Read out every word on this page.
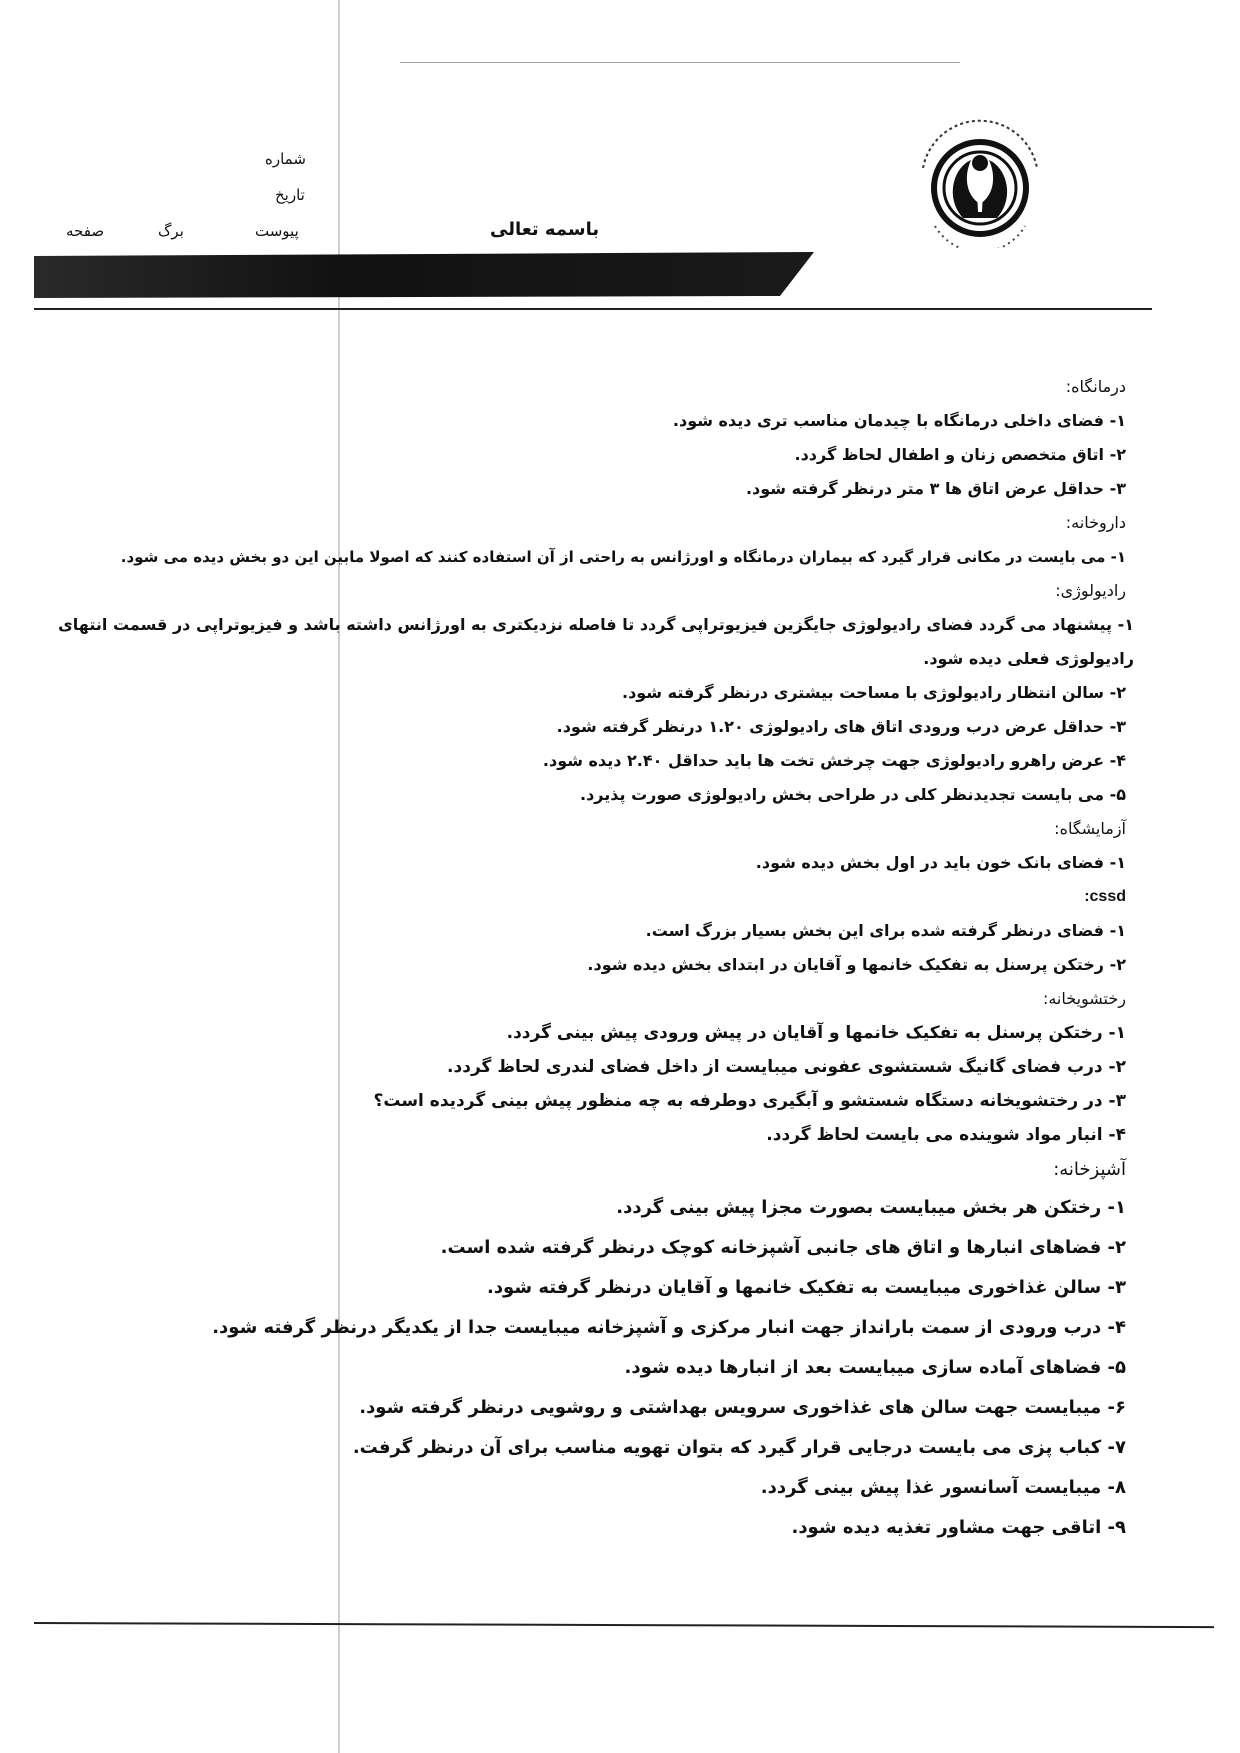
شماره
تاریخ
پیوست
برگ
صفحه	باسمه تعالی
درمانگاه:
۱- فضای داخلی درمانگاه با چیدمان مناسب تری دیده شود.
۲- اتاق متخصص زنان و اطفال لحاظ گردد.
۳- حداقل عرض اتاق ها ۳ متر درنظر گرفته شود.
داروخانه:
۱- می بایست در مکانی قرار گیرد که بیماران درمانگاه و اورژانس به راحتی از آن استفاده کنند که اصولا مابین این دو بخش دیده می شود.
رادیولوژی:
۱- پیشنهاد می گردد فضای رادیولوژی جایگزین فیزیوتراپی گردد تا فاصله نزدیکتری به اورژانس داشته باشد و فیزیوتراپی در قسمت انتهای رادیولوژی فعلی دیده شود.
۲- سالن انتظار رادیولوژی با مساحت بیشتری درنظر گرفته شود.
۳- حداقل عرض درب ورودی اتاق های رادیولوژی ۱.۲۰ درنظر گرفته شود.
۴- عرض راهرو رادیولوژی جهت چرخش تخت ها باید حداقل ۲.۴۰ دیده شود.
۵- می بایست تجدیدنظر کلی در طراحی بخش رادیولوژی صورت پذیرد.
آزمایشگاه:
۱- فضای بانک خون باید در اول بخش دیده شود.
cssd:
۱- فضای درنظر گرفته شده برای این بخش بسیار بزرگ است.
۲- رختکن پرسنل به تفکیک خانمها و آقایان در ابتدای بخش دیده شود.
رختشویخانه:
۱- رختکن پرسنل به تفکیک خانمها و آقایان در پیش ورودی پیش بینی گردد.
۲- درب فضای گانیگ شستشوی عفونی میبایست از داخل فضای لندری لحاظ گردد.
۳- در رختشویخانه دستگاه شستشو و آبگیری دوطرفه به چه منظور پیش بینی گردیده است؟
۴- انبار مواد شوینده می بایست لحاظ گردد.
آشپزخانه:
۱- رختکن هر بخش میبایست بصورت مجزا پیش بینی گردد.
۲- فضاهای انبارها و اتاق های جانبی آشپزخانه کوچک درنظر گرفته شده است.
۳- سالن غذاخوری میبایست به تفکیک خانمها و آقایان درنظر گرفته شود.
۴- درب ورودی از سمت بارانداز جهت انبار مرکزی و آشپزخانه میبایست جدا از یکدیگر درنظر گرفته شود.
۵- فضاهای آماده سازی میبایست بعد از انبارها دیده شود.
۶- میبایست جهت سالن های غذاخوری سرویس بهداشتی و روشویی درنظر گرفته شود.
۷- کباب پزی می بایست درجایی قرار گیرد که بتوان تهویه مناسب برای آن درنظر گرفت.
۸- میبایست آسانسور غذا پیش بینی گردد.
۹- اتاقی جهت مشاور تغذیه دیده شود.
